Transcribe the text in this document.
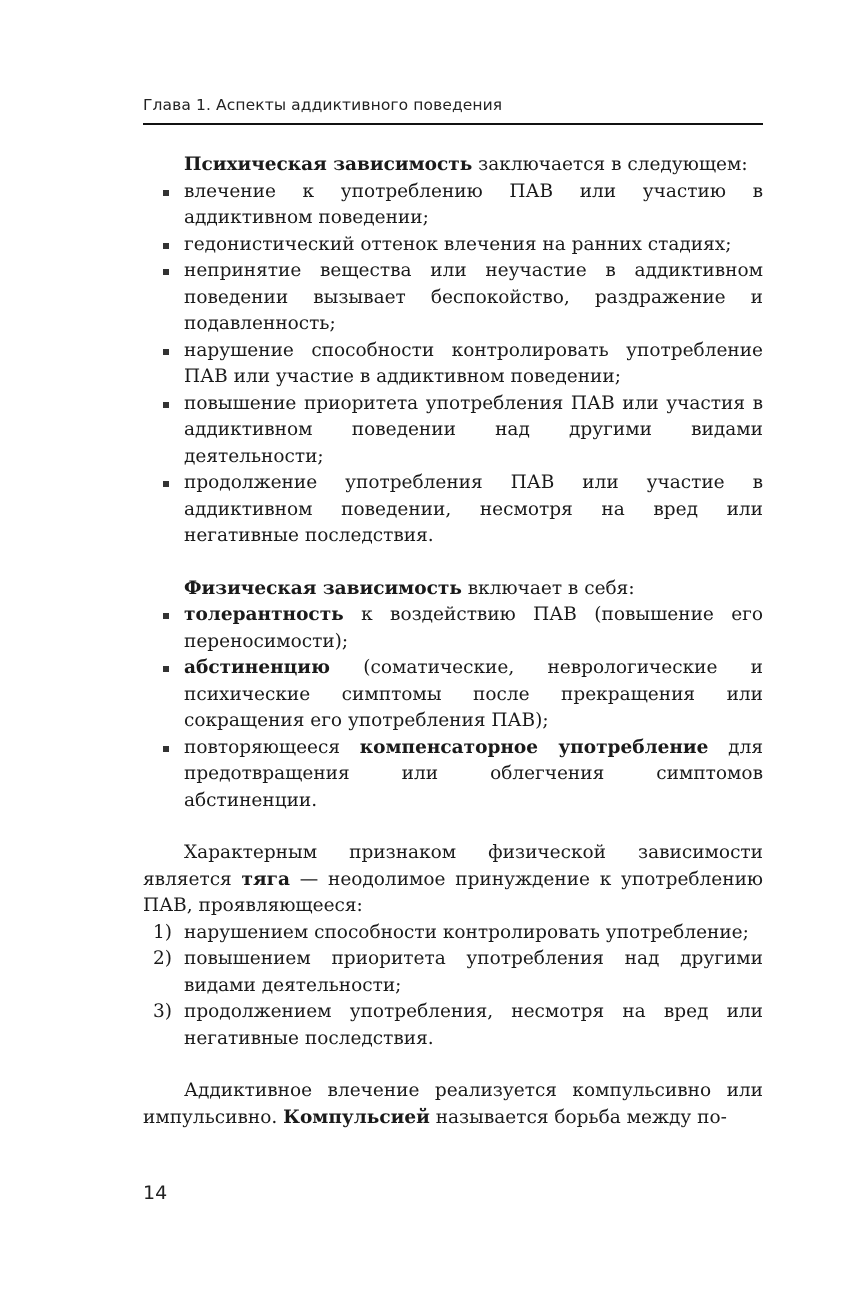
Глава 1. Аспекты аддиктивного поведения

Психическая зависимость заключается в следующем:

влечение к употреблению ПАВ или участию в аддиктивном поведении;
гедонистический оттенок влечения на ранних стадиях;
непринятие вещества или неучастие в аддиктивном поведении вызывает беспокойство, раздражение и подавленность;
нарушение способности контролировать употребление ПАВ или участие в аддиктивном поведении;
повышение приоритета употребления ПАВ или участия в аддиктивном поведении над другими видами деятельности;
продолжение употребления ПАВ или участие в аддиктивном поведении, несмотря на вред или негативные последствия.

Физическая зависимость включает в себя:

толерантность к воздействию ПАВ (повышение его переносимости);
абстиненцию (соматические, неврологические и психические симптомы после прекращения или сокращения его употребления ПАВ);
повторяющееся компенсаторное употребление для предотвращения или облегчения симптомов абстиненции.

Характерным признаком физической зависимости является тяга — неодолимое принуждение к употреблению ПАВ, проявляющееся:

1) нарушением способности контролировать употребление;
2) повышением приоритета употребления над другими видами деятельности;
3) продолжением употребления, несмотря на вред или негативные последствия.

Аддиктивное влечение реализуется компульсивно или импульсивно. Компульсией называется борьба между по-

14
